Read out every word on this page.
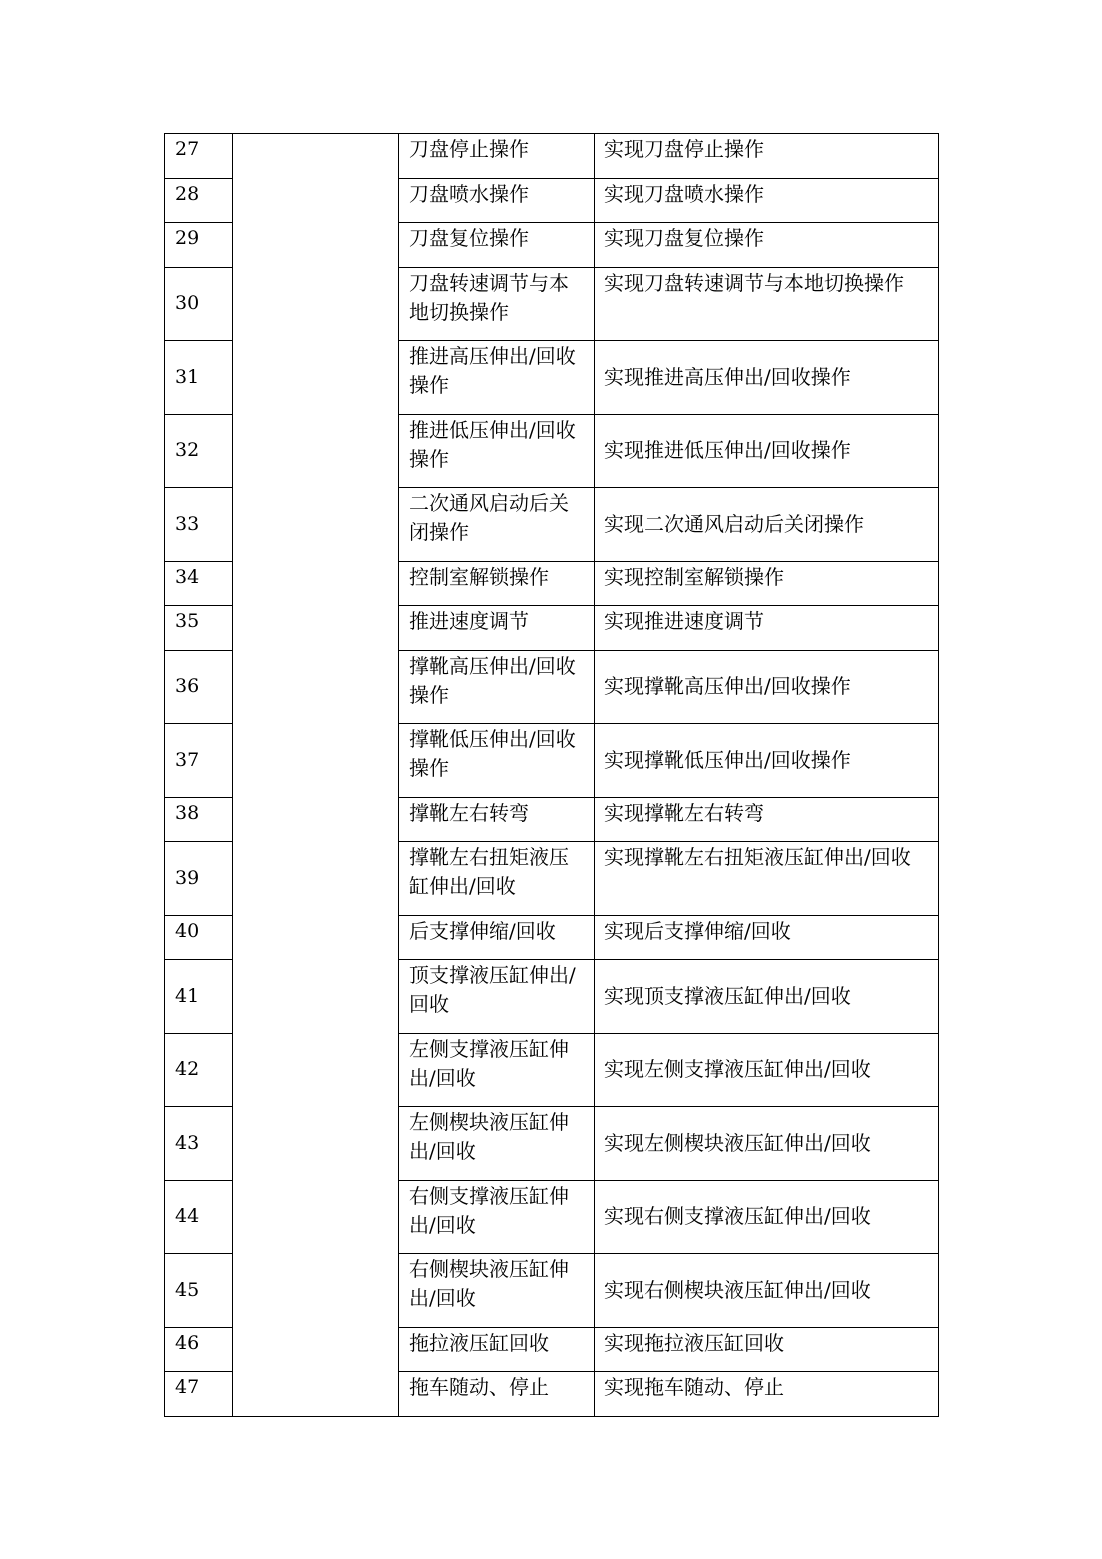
27		刀盘停止操作	实现刀盘停止操作
28		刀盘喷水操作	实现刀盘喷水操作
29		刀盘复位操作	实现刀盘复位操作
30		刀盘转速调节与本地切换操作	实现刀盘转速调节与本地切换操作
31		推进高压伸出/回收操作	实现推进高压伸出/回收操作
32		推进低压伸出/回收操作	实现推进低压伸出/回收操作
33		二次通风启动后关闭操作	实现二次通风启动后关闭操作
34		控制室解锁操作	实现控制室解锁操作
35		推进速度调节	实现推进速度调节
36		撑靴高压伸出/回收操作	实现撑靴高压伸出/回收操作
37		撑靴低压伸出/回收操作	实现撑靴低压伸出/回收操作
38		撑靴左右转弯	实现撑靴左右转弯
39		撑靴左右扭矩液压缸伸出/回收	实现撑靴左右扭矩液压缸伸出/回收
40		后支撑伸缩/回收	实现后支撑伸缩/回收
41		顶支撑液压缸伸出/回收	实现顶支撑液压缸伸出/回收
42		左侧支撑液压缸伸出/回收	实现左侧支撑液压缸伸出/回收
43		左侧楔块液压缸伸出/回收	实现左侧楔块液压缸伸出/回收
44		右侧支撑液压缸伸出/回收	实现右侧支撑液压缸伸出/回收
45		右侧楔块液压缸伸出/回收	实现右侧楔块液压缸伸出/回收
46		拖拉液压缸回收	实现拖拉液压缸回收
47		拖车随动、停止	实现拖车随动、停止
